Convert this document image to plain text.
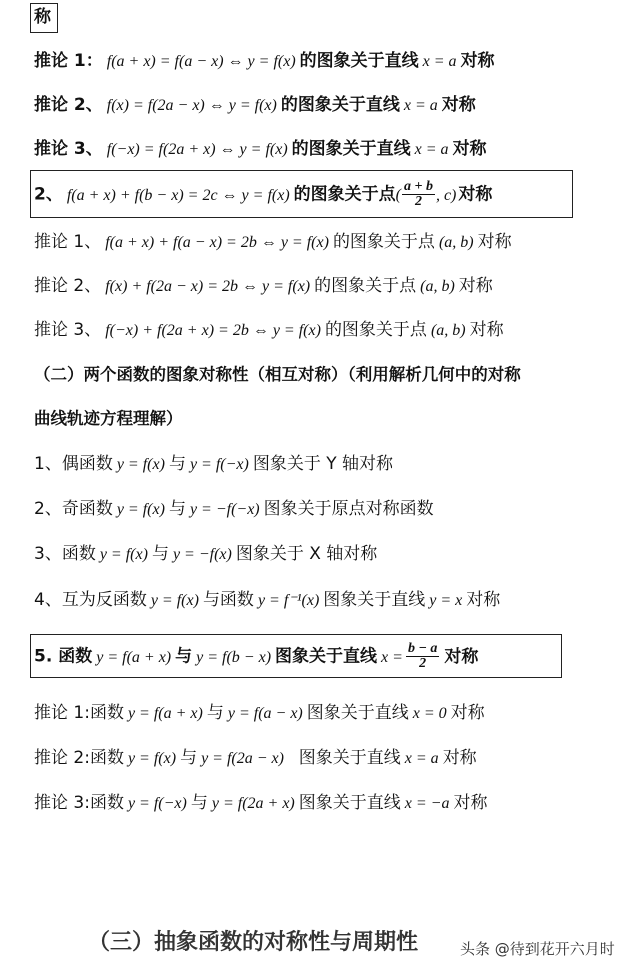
称
推论 1： f(a + x) = f(a − x) ⇔ y = f(x) 的图象关于直线 x = a 对称
推论 2、 f(x) = f(2a − x) ⇔ y = f(x) 的图象关于直线 x = a 对称
推论 3、 f(−x) = f(2a + x) ⇔ y = f(x) 的图象关于直线 x = a 对称
2、 f(a + x) + f(b − x) = 2c ⇔ y = f(x) 的图象关于点( $\frac{a + b}{2}$ , c) 对称
推论 1、 f(a + x) + f(a − x) = 2b ⇔ y = f(x) 的图象关于点 (a, b) 对称
推论 2、 f(x) + f(2a − x) = 2b ⇔ y = f(x) 的图象关于点 (a, b) 对称
推论 3、 f(−x) + f(2a + x) = 2b ⇔ y = f(x) 的图象关于点 (a, b) 对称
（二）两个函数的图象对称性（相互对称）（利用解析几何中的对称
曲线轨迹方程理解）
1、偶函数 y = f(x) 与 y = f(−x) 图象关于 Y 轴对称
2、奇函数 y = f(x) 与 y = −f(−x) 图象关于原点对称函数
3、函数 y = f(x) 与 y = −f(x) 图象关于 X 轴对称
4、互为反函数 y = f(x) 与函数 y = f⁻¹(x) 图象关于直线 y = x 对称
5. 函数 y = f(a + x) 与 y = f(b − x) 图象关于直线 $x = \frac{b - a}{2}$ 对称
推论 1:函数 y = f(a + x) 与 y = f(a − x) 图象关于直线 x = 0 对称
推论 2:函数 y = f(x) 与 y = f(2a − x)  图象关于直线 x = a 对称
推论 3:函数 y = f(−x) 与 y = f(2a + x) 图象关于直线 x = −a 对称
（三）抽象函数的对称性与周期性	头条 @待到花开六月时
